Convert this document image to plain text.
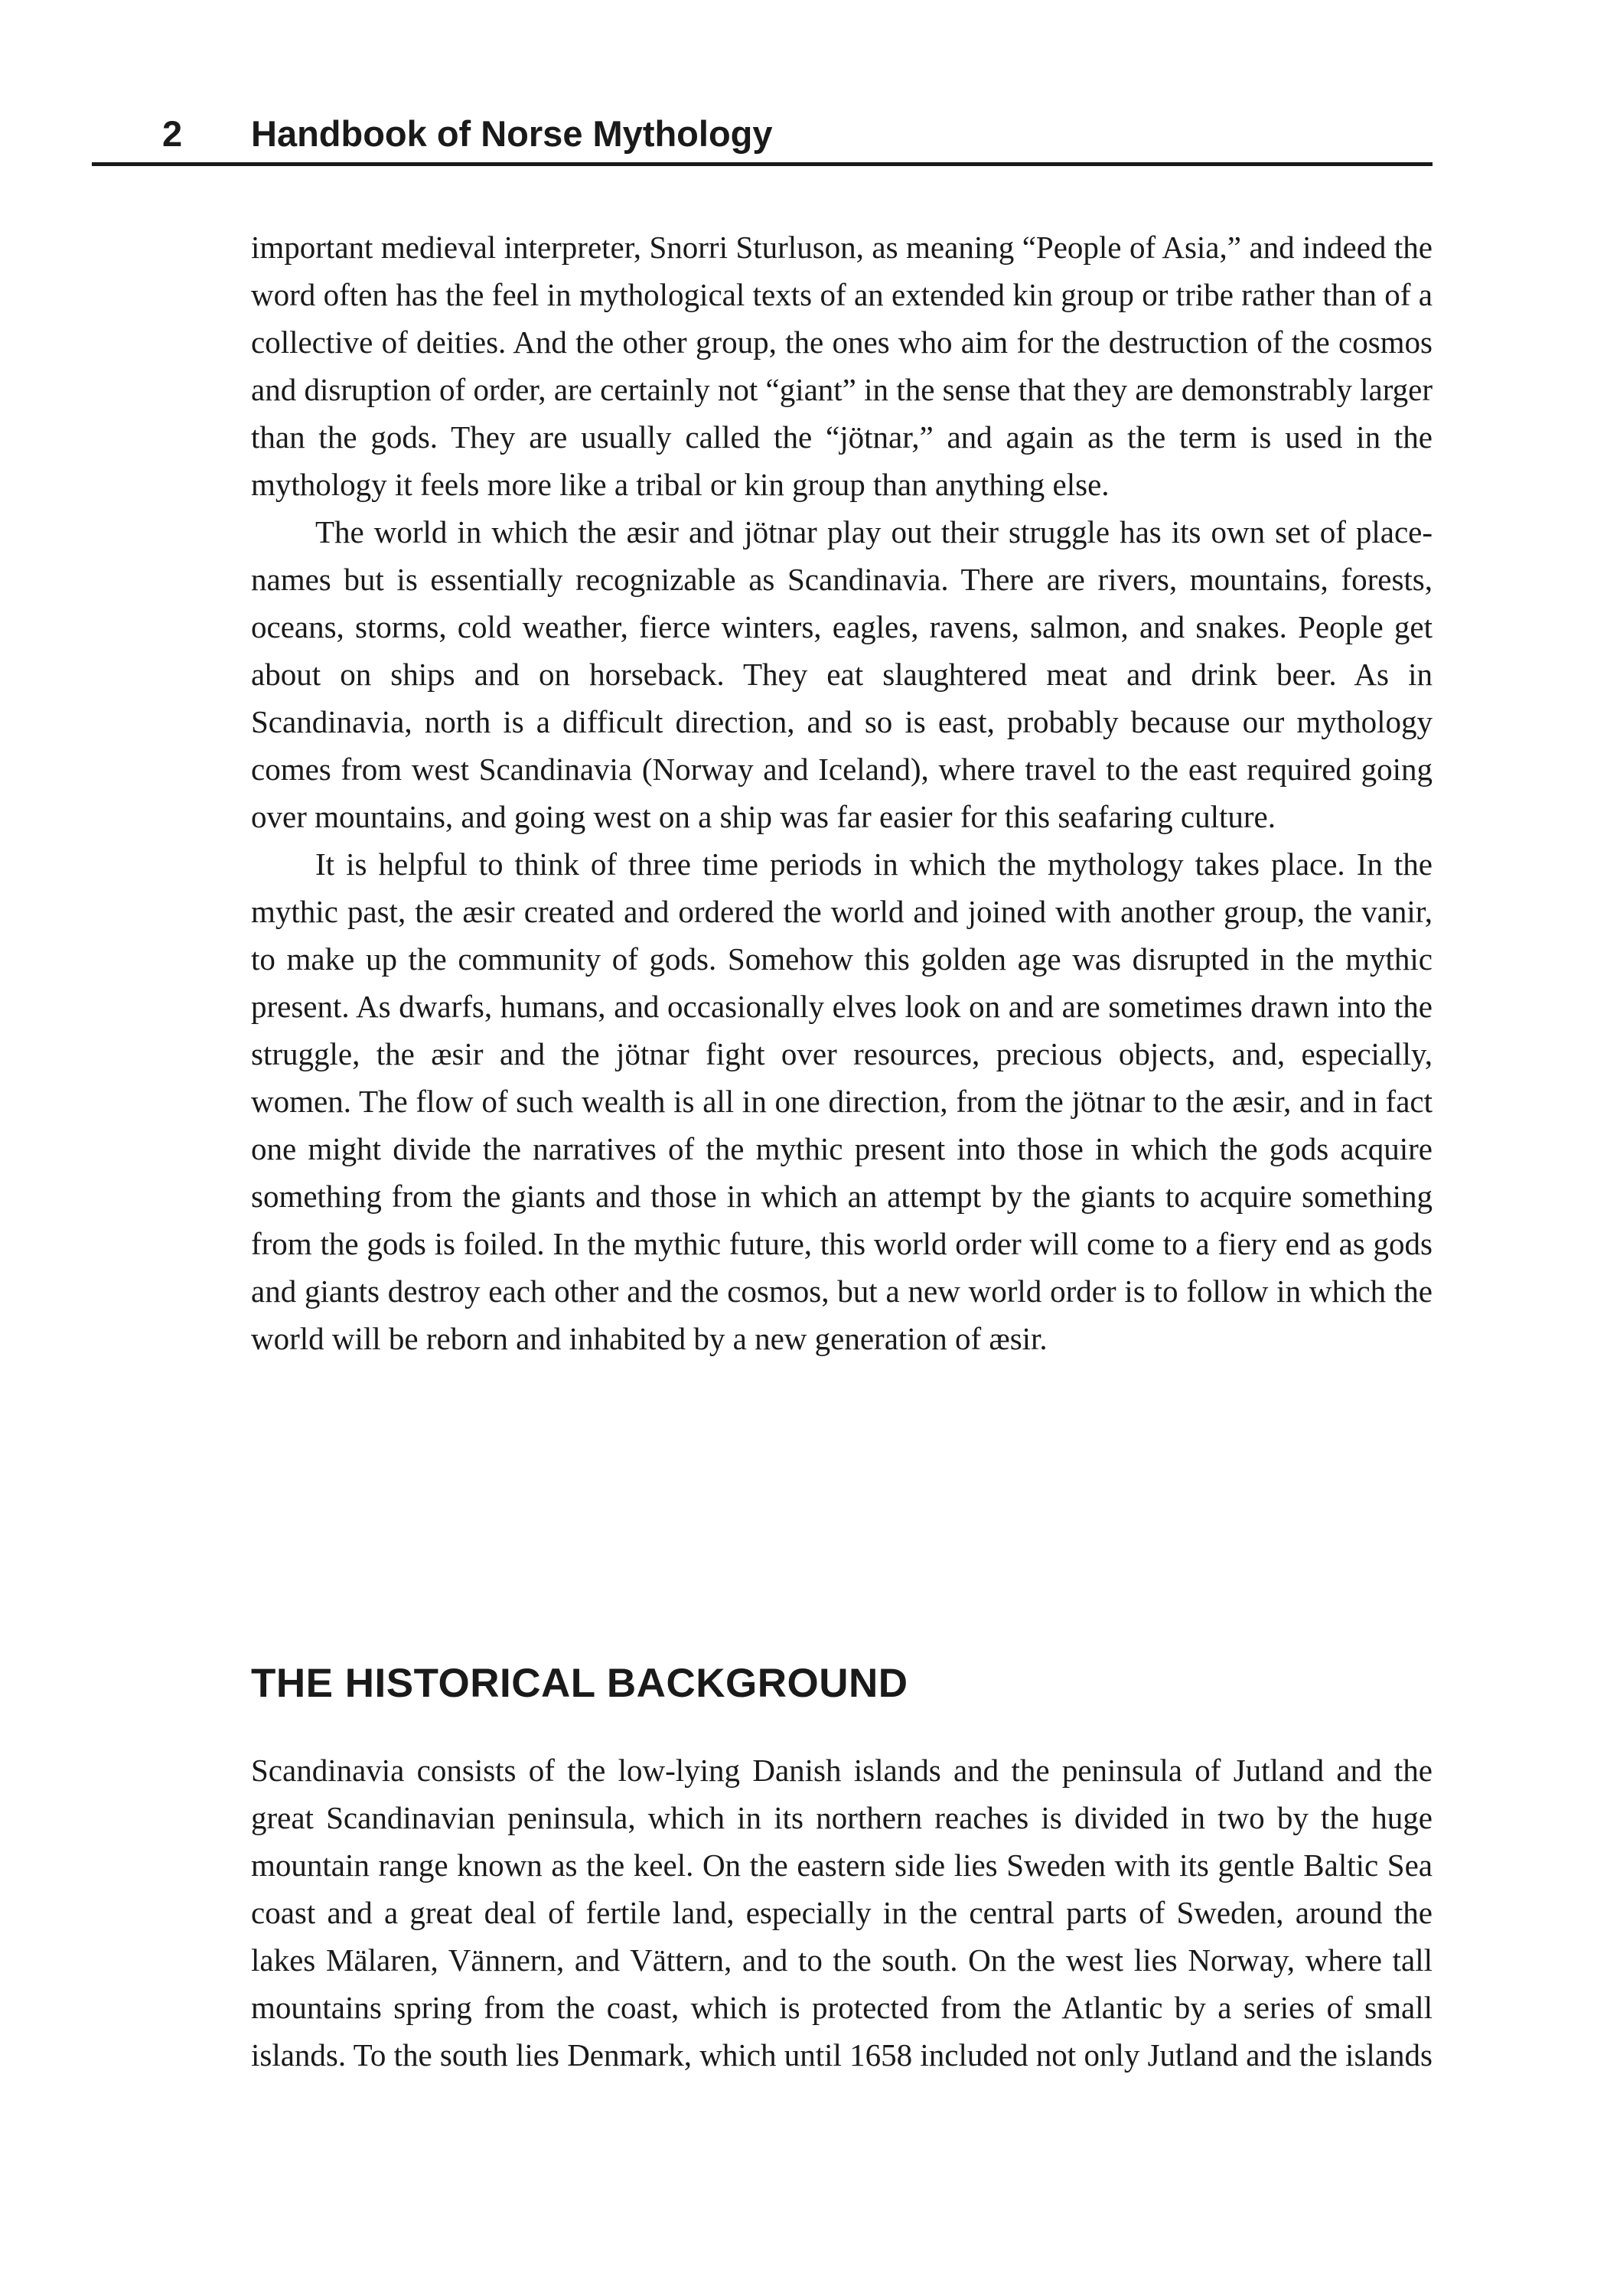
2 Handbook of Norse Mythology

important medieval interpreter, Snorri Sturluson, as meaning “People of Asia,” and indeed the word often has the feel in mythological texts of an extended kin group or tribe rather than of a collective of deities. And the other group, the ones who aim for the destruction of the cosmos and disruption of order, are certainly not “giant” in the sense that they are demonstrably larger than the gods. They are usually called the “jötnar,” and again as the term is used in the mythology it feels more like a tribal or kin group than anything else.

The world in which the æsir and jötnar play out their struggle has its own set of place-names but is essentially recognizable as Scandinavia. There are rivers, mountains, forests, oceans, storms, cold weather, fierce winters, eagles, ravens, salmon, and snakes. People get about on ships and on horseback. They eat slaughtered meat and drink beer. As in Scandinavia, north is a difficult direction, and so is east, probably because our mythology comes from west Scandinavia (Norway and Iceland), where travel to the east required going over mountains, and going west on a ship was far easier for this seafaring culture.

It is helpful to think of three time periods in which the mythology takes place. In the mythic past, the æsir created and ordered the world and joined with another group, the vanir, to make up the community of gods. Somehow this golden age was disrupted in the mythic present. As dwarfs, humans, and occasionally elves look on and are sometimes drawn into the struggle, the æsir and the jötnar fight over resources, precious objects, and, especially, women. The flow of such wealth is all in one direction, from the jötnar to the æsir, and in fact one might divide the narratives of the mythic present into those in which the gods acquire something from the giants and those in which an attempt by the giants to acquire something from the gods is foiled. In the mythic future, this world order will come to a fiery end as gods and giants destroy each other and the cosmos, but a new world order is to follow in which the world will be reborn and inhabited by a new generation of æsir.

THE HISTORICAL BACKGROUND

Scandinavia consists of the low-lying Danish islands and the peninsula of Jutland and the great Scandinavian peninsula, which in its northern reaches is divided in two by the huge mountain range known as the keel. On the eastern side lies Sweden with its gentle Baltic Sea coast and a great deal of fertile land, especially in the central parts of Sweden, around the lakes Mälaren, Vännern, and Vättern, and to the south. On the west lies Norway, where tall mountains spring from the coast, which is protected from the Atlantic by a series of small islands. To the south lies Denmark, which until 1658 included not only Jutland and the islands
